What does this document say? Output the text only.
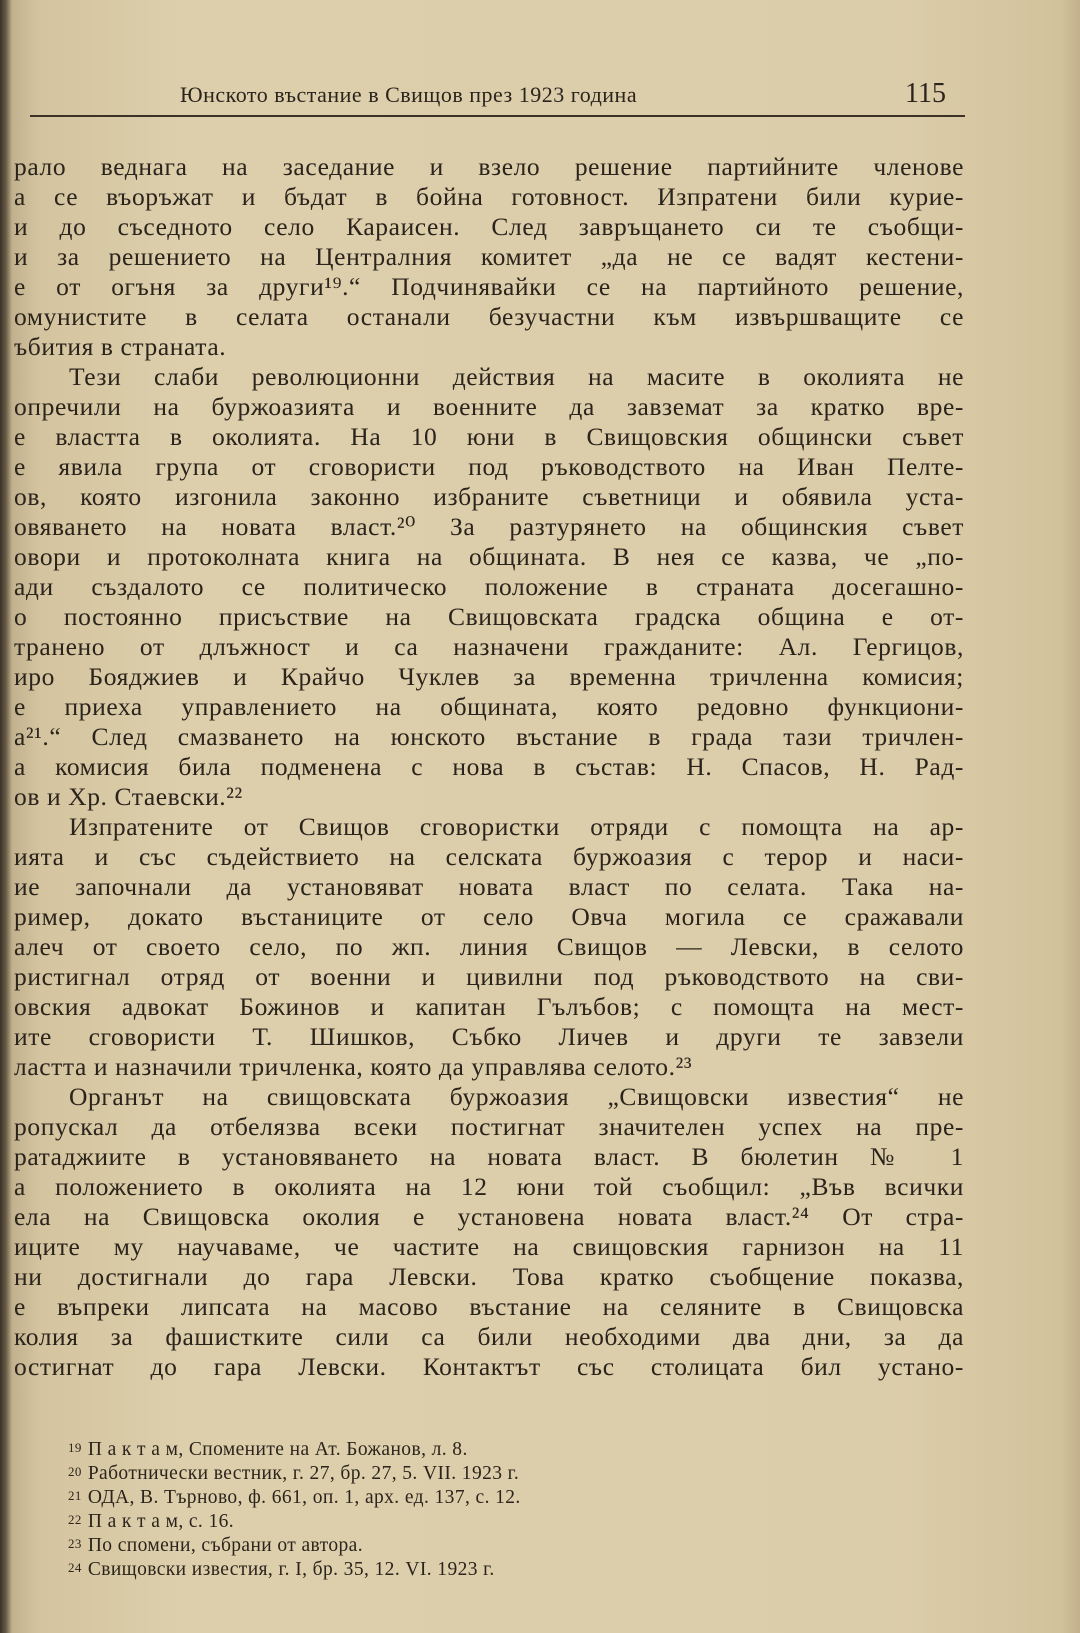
Юнското въстание в Свищов през 1923 година	115
рало веднага на заседание и взело решение партийните членове
а се въоръжат и бъдат в бойна готовност. Изпратени били курие-
и до съседното село Караисен. След завръщането си те съобщи-
и за решението на Централния комитет „да не се вадят кестени-
е от огъня за други¹⁹.“ Подчинявайки се на партийното решение,
омунистите в селата останали безучастни към извършващите се
ъбития в страната.
Тези слаби революционни действия на масите в околията не
опречили на буржоазията и военните да завземат за кратко вре-
е властта в околията. На 10 юни в Свищовския общински съвет
е явила група от сговористи под ръководството на Иван Пелте-
ов, която изгонила законно избраните съветници и обявила уста-
овяването на новата власт.²⁰ За разтурянето на общинския съвет
овори и протоколната книга на общината. В нея се казва, че „по-
ади създалото се политическо положение в страната досегашно-
о постоянно присъствие на Свищовската градска община е от-
транено от длъжност и са назначени гражданите: Ал. Гергицов,
иро Бояджиев и Крайчо Чуклев за временна тричленна комисия;
е приеха управлението на общината, която редовно функциони-
а²¹.“ След смазването на юнското въстание в града тази тричлен-
а комисия била подменена с нова в състав: Н. Спасов, Н. Рад-
ов и Хр. Стаевски.²²
Изпратените от Свищов сговористки отряди с помощта на ар-
ията и със съдействието на селската буржоазия с терор и наси-
ие започнали да установяват новата власт по селата. Така на-
ример, докато въстаниците от село Овча могила се сражавали
алеч от своето село, по жп. линия Свищов — Левски, в селото
ристигнал отряд от военни и цивилни под ръководството на сви-
овския адвокат Божинов и капитан Гълъбов; с помощта на мест-
ите сговористи Т. Шишков, Събко Личев и други те завзели
ластта и назначили тричленка, която да управлява селото.²³
Органът на свищовската буржоазия „Свищовски известия“ не
ропускал да отбелязва всеки постигнат значителен успех на пре-
ратаджиите в установяването на новата власт. В бюлетин № 1
а положението в околията на 12 юни той съобщил: „Във всички
ела на Свищовска околия е установена новата власт.²⁴ От стра-
иците му научаваме, че частите на свищовския гарнизон на 11
ни достигнали до гара Левски. Това кратко съобщение показва,
е въпреки липсата на масово въстание на селяните в Свищовска
колия за фашистките сили са били необходими два дни, за да
остигнат до гара Левски. Контактът със столицата бил устано-
$^{19}$ П а к т а м, Спомените на Ат. Божанов, л. 8.
$^{20}$ Работнически вестник, г. 27, бр. 27, 5. VII. 1923 г.
$^{21}$ ОДА, В. Търново, ф. 661, оп. 1, арх. ед. 137, с. 12.
$^{22}$ П а к т а м, с. 16.
$^{23}$ По спомени, събрани от автора.
$^{24}$ Свищовски известия, г. I, бр. 35, 12. VI. 1923 г.
